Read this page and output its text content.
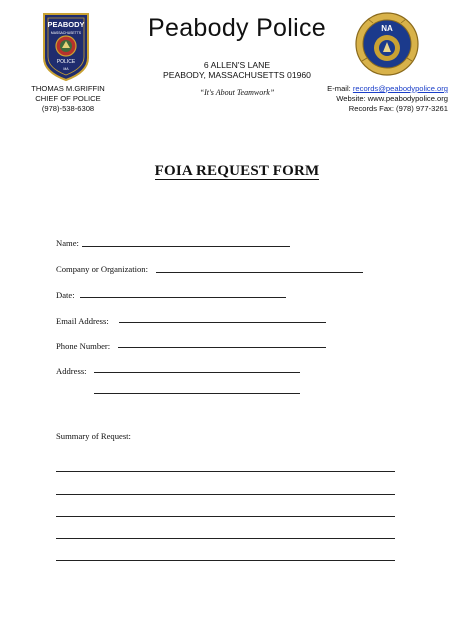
PEABODY
MASSACHUSETTS
POLICE
MA
NA
Peabody Police
6 ALLEN'S LANE
PEABODY, MASSACHUSETTS 01960
“It's About Teamwork”
THOMAS M.GRIFFIN
CHIEF OF POLICE
(978)-538-6308
E-mail: records@peabodypolice.org
Website: www.peabodypolice.org
Records Fax: (978) 977-3261
FOIA REQUEST FORM
Name:
Company or Organization:
Date:
Email Address:
Phone Number:
Address:
Summary of Request:
